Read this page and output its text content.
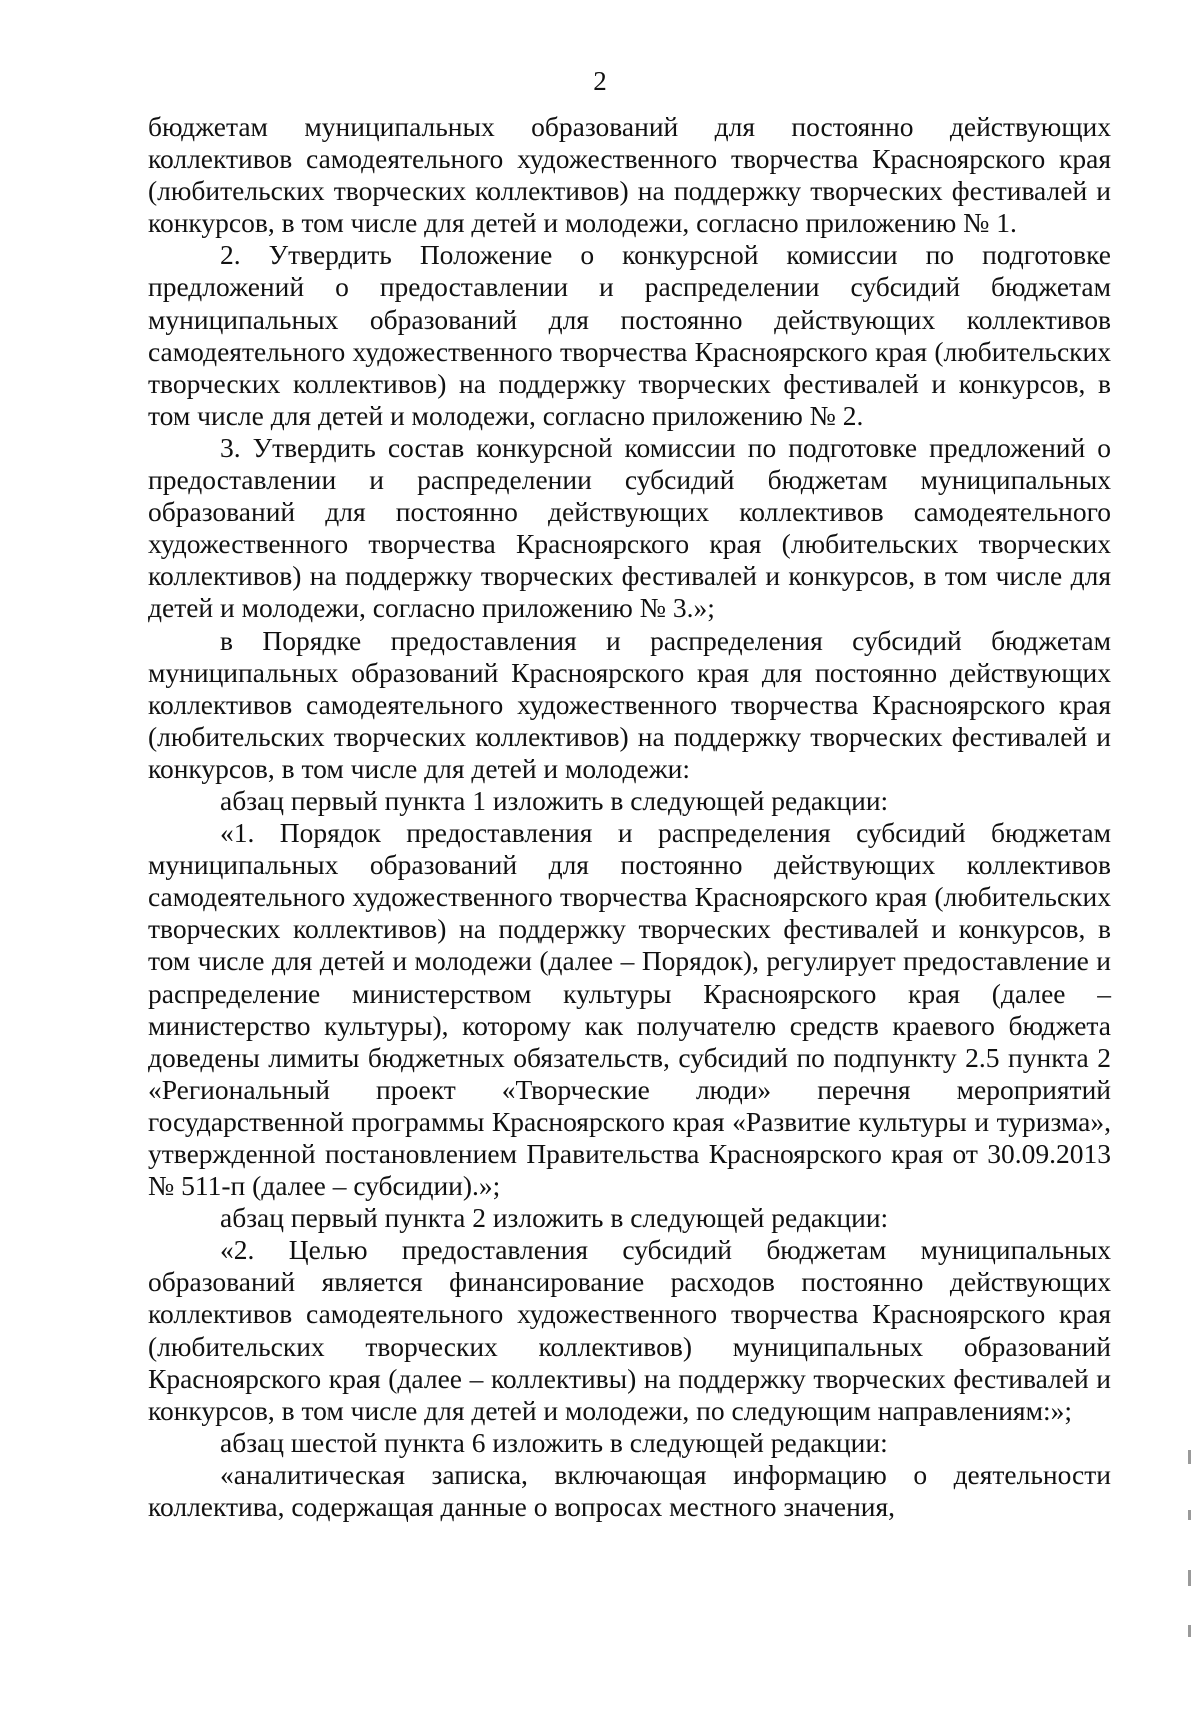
2

бюджетам муниципальных образований для постоянно действующих коллективов самодеятельного художественного творчества Красноярского края (любительских творческих коллективов) на поддержку творческих фестивалей и конкурсов, в том числе для детей и молодежи, согласно приложению № 1.

2. Утвердить Положение о конкурсной комиссии по подготовке предложений о предоставлении и распределении субсидий бюджетам муниципальных образований для постоянно действующих коллективов самодеятельного художественного творчества Красноярского края (любительских творческих коллективов) на поддержку творческих фестивалей и конкурсов, в том числе для детей и молодежи, согласно приложению № 2.

3. Утвердить состав конкурсной комиссии по подготовке предложений о предоставлении и распределении субсидий бюджетам муниципальных образований для постоянно действующих коллективов самодеятельного художественного творчества Красноярского края (любительских творческих коллективов) на поддержку творческих фестивалей и конкурсов, в том числе для детей и молодежи, согласно приложению № 3.»;

в Порядке предоставления и распределения субсидий бюджетам муниципальных образований Красноярского края для постоянно действующих коллективов самодеятельного художественного творчества Красноярского края (любительских творческих коллективов) на поддержку творческих фестивалей и конкурсов, в том числе для детей и молодежи:

абзац первый пункта 1 изложить в следующей редакции:

«1. Порядок предоставления и распределения субсидий бюджетам муниципальных образований для постоянно действующих коллективов самодеятельного художественного творчества Красноярского края (любительских творческих коллективов) на поддержку творческих фестивалей и конкурсов, в том числе для детей и молодежи (далее – Порядок), регулирует предоставление и распределение министерством культуры Красноярского края (далее – министерство культуры), которому как получателю средств краевого бюджета доведены лимиты бюджетных обязательств, субсидий по подпункту 2.5 пункта 2 «Региональный проект «Творческие люди» перечня мероприятий государственной программы Красноярского края «Развитие культуры и туризма», утвержденной постановлением Правительства Красноярского края от 30.09.2013 № 511-п (далее – субсидии).»;

абзац первый пункта 2 изложить в следующей редакции:

«2. Целью предоставления субсидий бюджетам муниципальных образований является финансирование расходов постоянно действующих коллективов самодеятельного художественного творчества Красноярского края (любительских творческих коллективов) муниципальных образований Красноярского края (далее – коллективы) на поддержку творческих фестивалей и конкурсов, в том числе для детей и молодежи, по следующим направлениям:»;

абзац шестой пункта 6 изложить в следующей редакции:

«аналитическая записка, включающая информацию о деятельности коллектива, содержащая данные о вопросах местного значения,
